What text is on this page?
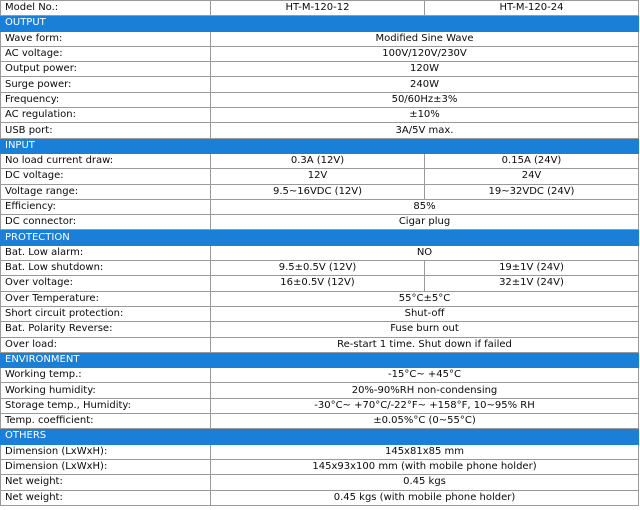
Model No.:	HT-M-120-12	HT-M-120-24
OUTPUT		
Wave form:	Modified Sine Wave	
AC voltage:	100V/120V/230V	
Output power:	120W	
Surge power:	240W	
Frequency:	50/60Hz±3%	
AC regulation:	±10%	
USB port:	3A/5V max.	
INPUT		
No load current draw:	0.3A (12V)	0.15A (24V)
DC voltage:	12V	24V
Voltage range:	9.5~16VDC (12V)	19~32VDC (24V)
Efficiency:	85%	
DC connector:	Cigar plug	
PROTECTION		
Bat. Low alarm:	NO	
Bat. Low shutdown:	9.5±0.5V (12V)	19±1V (24V)
Over voltage:	16±0.5V (12V)	32±1V (24V)
Over Temperature:	55°C±5°C	
Short circuit protection:	Shut-off	
Bat. Polarity Reverse:	Fuse burn out	
Over load:	Re-start 1 time. Shut down if failed	
ENVIRONMENT		
Working temp.:	-15°C~ +45°C	
Working humidity:	20%-90%RH non-condensing	
Storage temp., Humidity:	-30°C~ +70°C/-22°F~ +158°F, 10~95% RH	
Temp. coefficient:	±0.05%°C (0~55°C)	
OTHERS		
Dimension (LxWxH):	145x81x85 mm	
Dimension (LxWxH):	145x93x100 mm (with mobile phone holder)	
Net weight:	0.45 kgs	
Net weight:	0.45 kgs (with mobile phone holder)	
